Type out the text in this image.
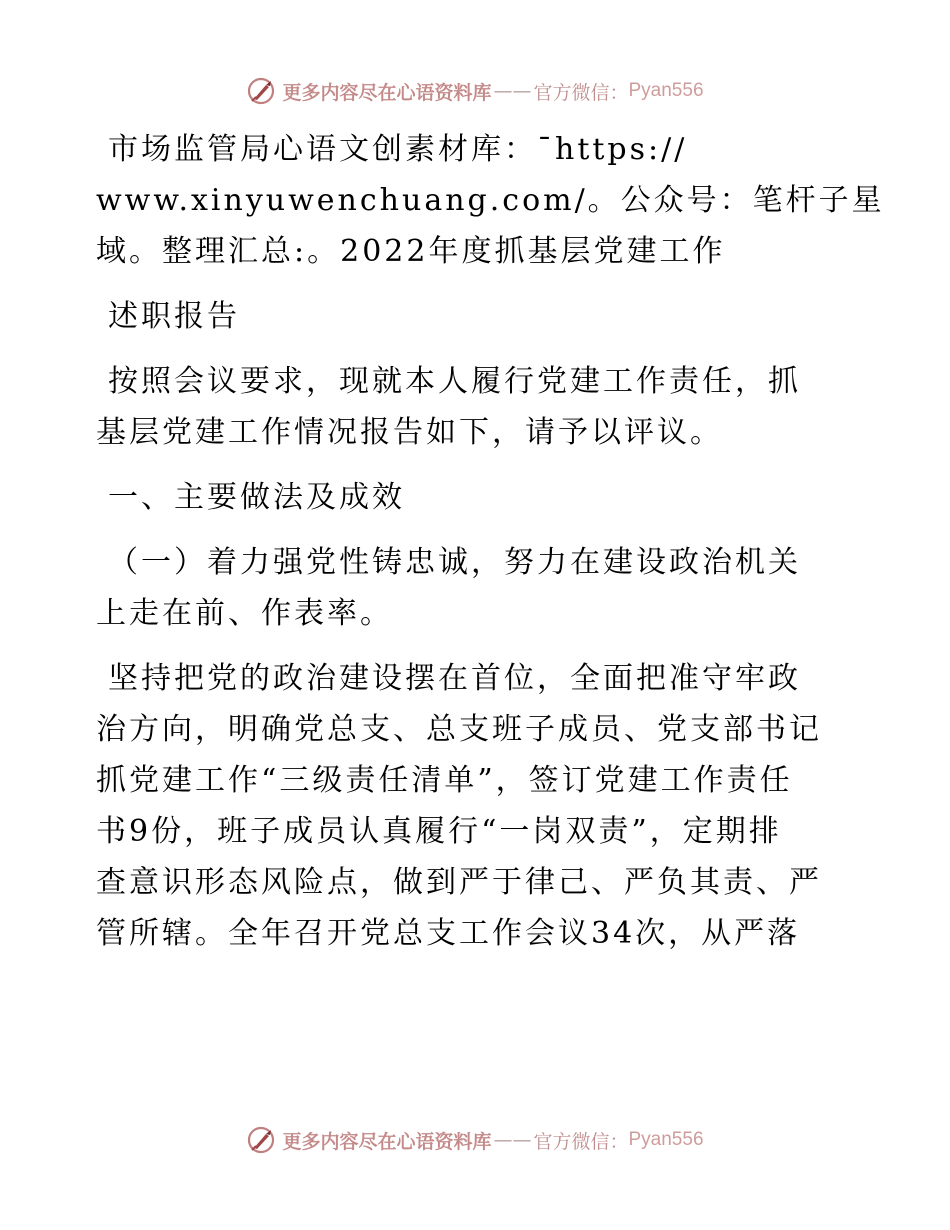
更多内容尽在心语资料库 —— 官方微信： Pyan556
市场监管局心语文创素材库：¯https://
www.xinyuwenchuang.com/。公众号：笔杆子星
域。整理汇总:。2022年度抓基层党建工作
述职报告
按照会议要求，现就本人履行党建工作责任，抓
基层党建工作情况报告如下，请予以评议。
一、主要做法及成效
（一）着力强党性铸忠诚，努力在建设政治机关
上走在前、作表率。
坚持把党的政治建设摆在首位，全面把准守牢政
治方向，明确党总支、总支班子成员、党支部书记
抓党建工作“三级责任清单”，签订党建工作责任
书9份，班子成员认真履行“一岗双责”，定期排
查意识形态风险点，做到严于律己、严负其责、严
管所辖。全年召开党总支工作会议34次，从严落
更多内容尽在心语资料库 —— 官方微信： Pyan556
